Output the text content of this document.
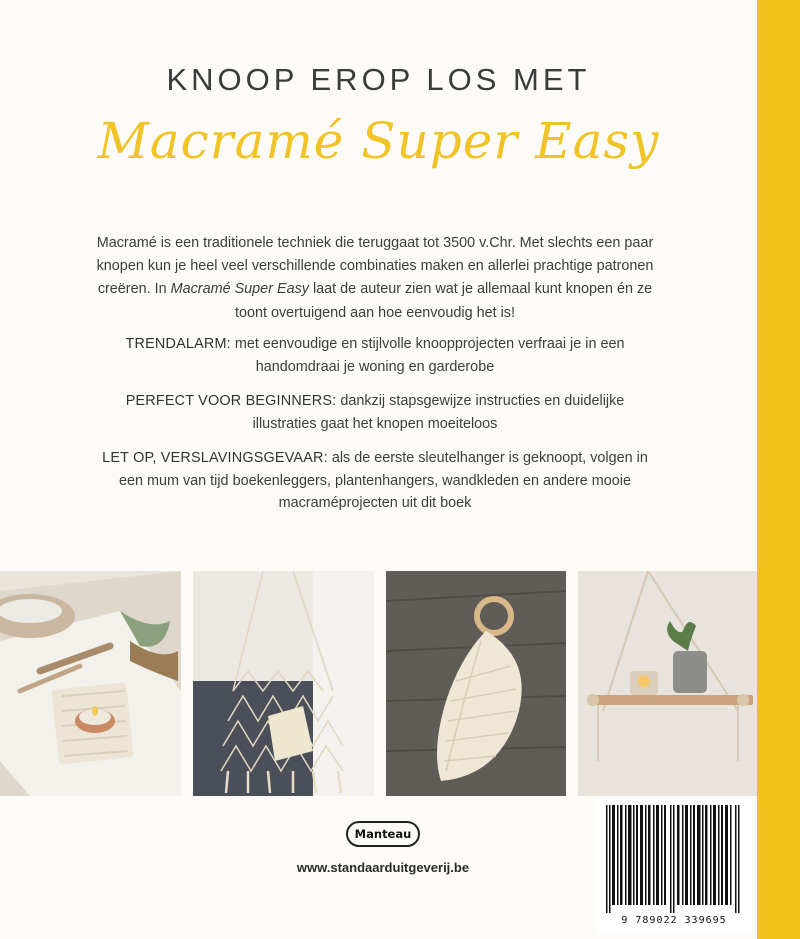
KNOOP EROP LOS MET
Macramé Super Easy
Macramé is een traditionele techniek die teruggaat tot 3500 v.Chr. Met slechts een paar knopen kun je heel veel verschillende combinaties maken en allerlei prachtige patronen creëren. In Macramé Super Easy laat de auteur zien wat je allemaal kunt knopen én ze toont overtuigend aan hoe eenvoudig het is!
TRENDALARM: met eenvoudige en stijlvolle knoopprojecten verfraai je in een handomdraai je woning en garderobe
PERFECT VOOR BEGINNERS: dankzij stapsgewijze instructies en duidelijke illustraties gaat het knopen moeiteloos
LET OP, VERSLAVINGSGEVAAR: als de eerste sleutelhanger is geknoopt, volgen in een mum van tijd boekenleggers, plantenhangers, wandkleden en andere mooie macraméprojecten uit dit boek
Manteau
www.standaarduitgeverij.be
9 789022 339695
